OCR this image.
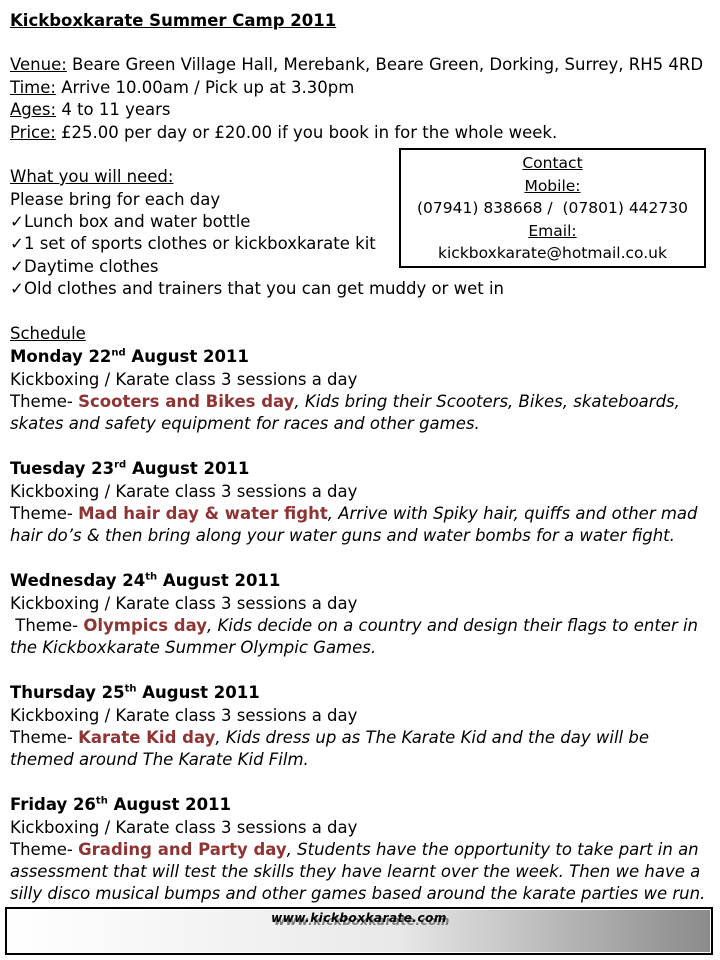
Kickboxkarate Summer Camp 2011
Venue: Beare Green Village Hall, Merebank, Beare Green, Dorking, Surrey, RH5 4RD
Time: Arrive 10.00am / Pick up at 3.30pm
Ages: 4 to 11 years
Price: £25.00 per day or £20.00 if you book in for the whole week.
What you will need:
Please bring for each day
✓Lunch box and water bottle
✓1 set of sports clothes or kickboxkarate kit
✓Daytime clothes
✓Old clothes and trainers that you can get muddy or wet in
Contact
Mobile:
(07941) 838668 /  (07801) 442730
Email:
kickboxkarate@hotmail.co.uk
Schedule
Monday 22nd August 2011
Kickboxing / Karate class 3 sessions a day
Theme- Scooters and Bikes day, Kids bring their Scooters, Bikes, skateboards,
skates and safety equipment for races and other games.
Tuesday 23rd August 2011
Kickboxing / Karate class 3 sessions a day
Theme- Mad hair day & water fight, Arrive with Spiky hair, quiffs and other mad
hair do’s & then bring along your water guns and water bombs for a water fight.
Wednesday 24th August 2011
Kickboxing / Karate class 3 sessions a day
Theme- Olympics day, Kids decide on a country and design their flags to enter in
the Kickboxkarate Summer Olympic Games.
Thursday 25th August 2011
Kickboxing / Karate class 3 sessions a day
Theme- Karate Kid day, Kids dress up as The Karate Kid and the day will be
themed around The Karate Kid Film.
Friday 26th August 2011
Kickboxing / Karate class 3 sessions a day
Theme- Grading and Party day, Students have the opportunity to take part in an
assessment that will test the skills they have learnt over the week. Then we have a
silly disco musical bumps and other games based around the karate parties we run.
www.kickboxkarate.com
